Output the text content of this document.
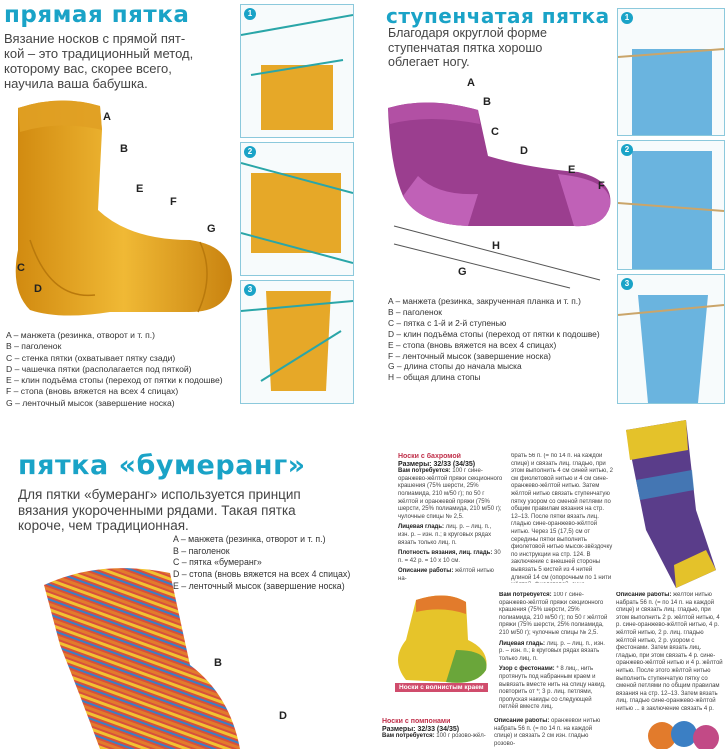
прямая пятка
Вязание носков с прямой пят-
кой – это традиционный метод,
которому вас, скорее всего,
научила ваша бабушка.
A
B
C
D
E
F
G
A – манжета (резинка, отворот и т. п.)
B – паголенок
C – стенка пятки (охватывает пятку сзади)
D – чашечка пятки (располагается под пяткой)
E – клин подъёма стопы (переход от пятки к подошве)
F – стопа (вновь вяжется на всех 4 спицах)
G – ленточный мысок (завершение носка)
1
2
3
ступенчатая пятка
Благодаря округлой форме
ступенчатая пятка хорошо
облегает ногу.
A
B
C
D
E
F
H
G
A – манжета (резинка, закрученная планка и т. п.)
B – паголенок
C – пятка с 1-й и 2-й ступенью
D – клин подъёма стопы (переход от пятки к подошве)
E – стопа (вновь вяжется на всех 4 спицах)
F – ленточный мысок (завершение носка)
G – длина стопы до начала мыска
H – общая длина стопы
1
2
3
пятка «бумеранг»
Для пятки «бумеранг» используется принцип
вязания укороченными рядами. Такая пятка
короче, чем традиционная.
A – манжета (резинка, отворот и т. п.)
B – паголенок
C – пятка «бумеранг»
D – стопа (вновь вяжется на всех 4 спицах)
E – ленточный мысок (завершение носка)
B
D
Носки с бахромой
Размеры: 32/33 (34/35)
Вам потребуется: 100 г сине-оранжево-жёлтой пряжи секционного крашения (75% шерсти, 25% полиамида, 210 м/50 г); по 50 г жёлтой и оранжевой пряжи (75% шерсти, 25% полиамида, 210 м/50 г); чулочные спицы № 2,5.
Лицевая гладь: лиц. р. – лиц. п., изн. р. – изн. п.; в круговых рядах вязать только лиц. п.
Плотность вязания, лиц. гладь: 30 п. = 42 р. = 10 х 10 см.
Описание работы: жёлтой нитью на-
брать 56 п. (= по 14 п. на каждой спице) и связать лиц. гладью, при этом выполнить 4 см синей нитью, 2 см фиолетовой нитью и 4 см сине-оранжево-жёлтой нитью. Затем жёлтой нитью связать ступенчатую пятку узором со сменой петлями по общим правилам вязания на стр. 12–13. После пятки вязать лиц. гладью сине-оранжево-жёлтой нитью. Через 15 (17,5) см от середины пятки выполнить фиолетовой нитью мысок-звёздочку по инструкции на стр. 124. В заключение с внешней стороны вывязать 5 кистей из 4 нитей длиной 14 см (опорочным по 1 нити
Носки с волнистым краем
Вам потребуется: 100 г сине-оранжево-жёлтой пряжи секционного крашения (75% шерсти, 25% полиамида, 210 м/50 г); по 50 г жёлтой пряжи (75% шерсти, 25% полиамида, 210 м/50 г); чулочные спицы № 2,5.
Лицевая гладь: лиц. р. – лиц. п., изн. р. – изн. п.; в круговых рядах вязать только лиц. п.
Узор с фестонами: * 8 лиц., нить протянуть под набранным краем и вывязать вместе нить на спицу накид, повторить от *; 3 р. лиц. петлями, пропуская накиды со следующей петлёй вместе лиц.
Описание работы: жёлтой нитью набрать 56 п. (= по 14 п. на каждой спице) и связать лиц. гладью, при этом выполнить 2 р. жёлтой нитью, 4 р. сине-оранжево-жёлтой нитью, 4 р. жёлтой нитью, 2 р. лиц. гладью жёлтой нитью, 2 р. узором с фестонами. Затем вязать лиц. гладью, при этом связать 4 р. сине-оранжево-жёлтой нитью и 4 р. жёлтой нитью. После этого жёлтой нитью выполнить ступенчатую пятку со сменой петлями по общим правилам вязания на стр. 12–13. Затем вязать лиц. гладью сине-оранжево-жёлтой нитью ... в заключение связать 4 р.
Носки с помпонами
Размеры: 32/33 (34/35)
Вам потребуется: 100 г розово-жёл-
Описание работы: оранжевой нитью набрать 56 п. (= по 14 п. на каждой спице) и связать 2 см изн. гладью розово-
